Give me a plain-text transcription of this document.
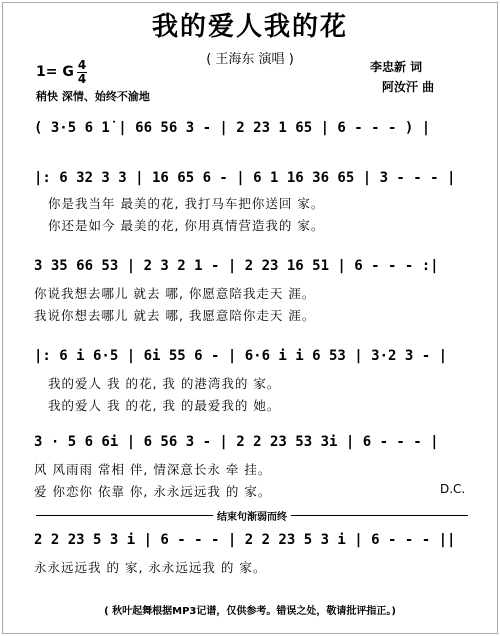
我的爱人我的花
( 王海东 演唱 )	李忠新 词
阿汝汗 曲
1= G 4
4
稍快 深情、始终不渝地
( 3·5 6 1̇ | 66 56 3 - | 2 23 1 65 | 6 - - - ) |
|: 6 32 3 3 | 16 65 6 - | 6 1 16 36 65 | 3 - - - |
你是我当年 最美的花, 我打马车把你送回 家。
你还是如今 最美的花, 你用真情营造我的 家。
3 35 66 53 | 2 3 2 1 - | 2 23 16 51 | 6 - - - :|
你说我想去哪儿 就去 哪, 你愿意陪我走天 涯。
我说你想去哪儿 就去 哪, 我愿意陪你走天 涯。
|: 6 i 6·5 | 6i 55 6 - | 6·6 i i 6 53 | 3·2 3 - |
我的爱人 我 的花, 我 的港湾我的 家。
我的爱人 我 的花, 我 的最爱我的 她。
3 · 5 6 6i | 6 56 3 - | 2 2 23 53 3i | 6 - - - |
风 风雨雨 常相 伴, 情深意长永 牵 挂。
爱 你恋你 依靠 你, 永永远远我 的 家。	D.C.
结束句渐弱而终
2 2 23 5 3 i | 6 - - - | 2 2 23 5 3 i | 6 - - - ||
永永远远我 的 家, 永永远远我 的 家。
( 秋叶起舞根据MP3记谱，仅供参考。错误之处，敬请批评指正。)
